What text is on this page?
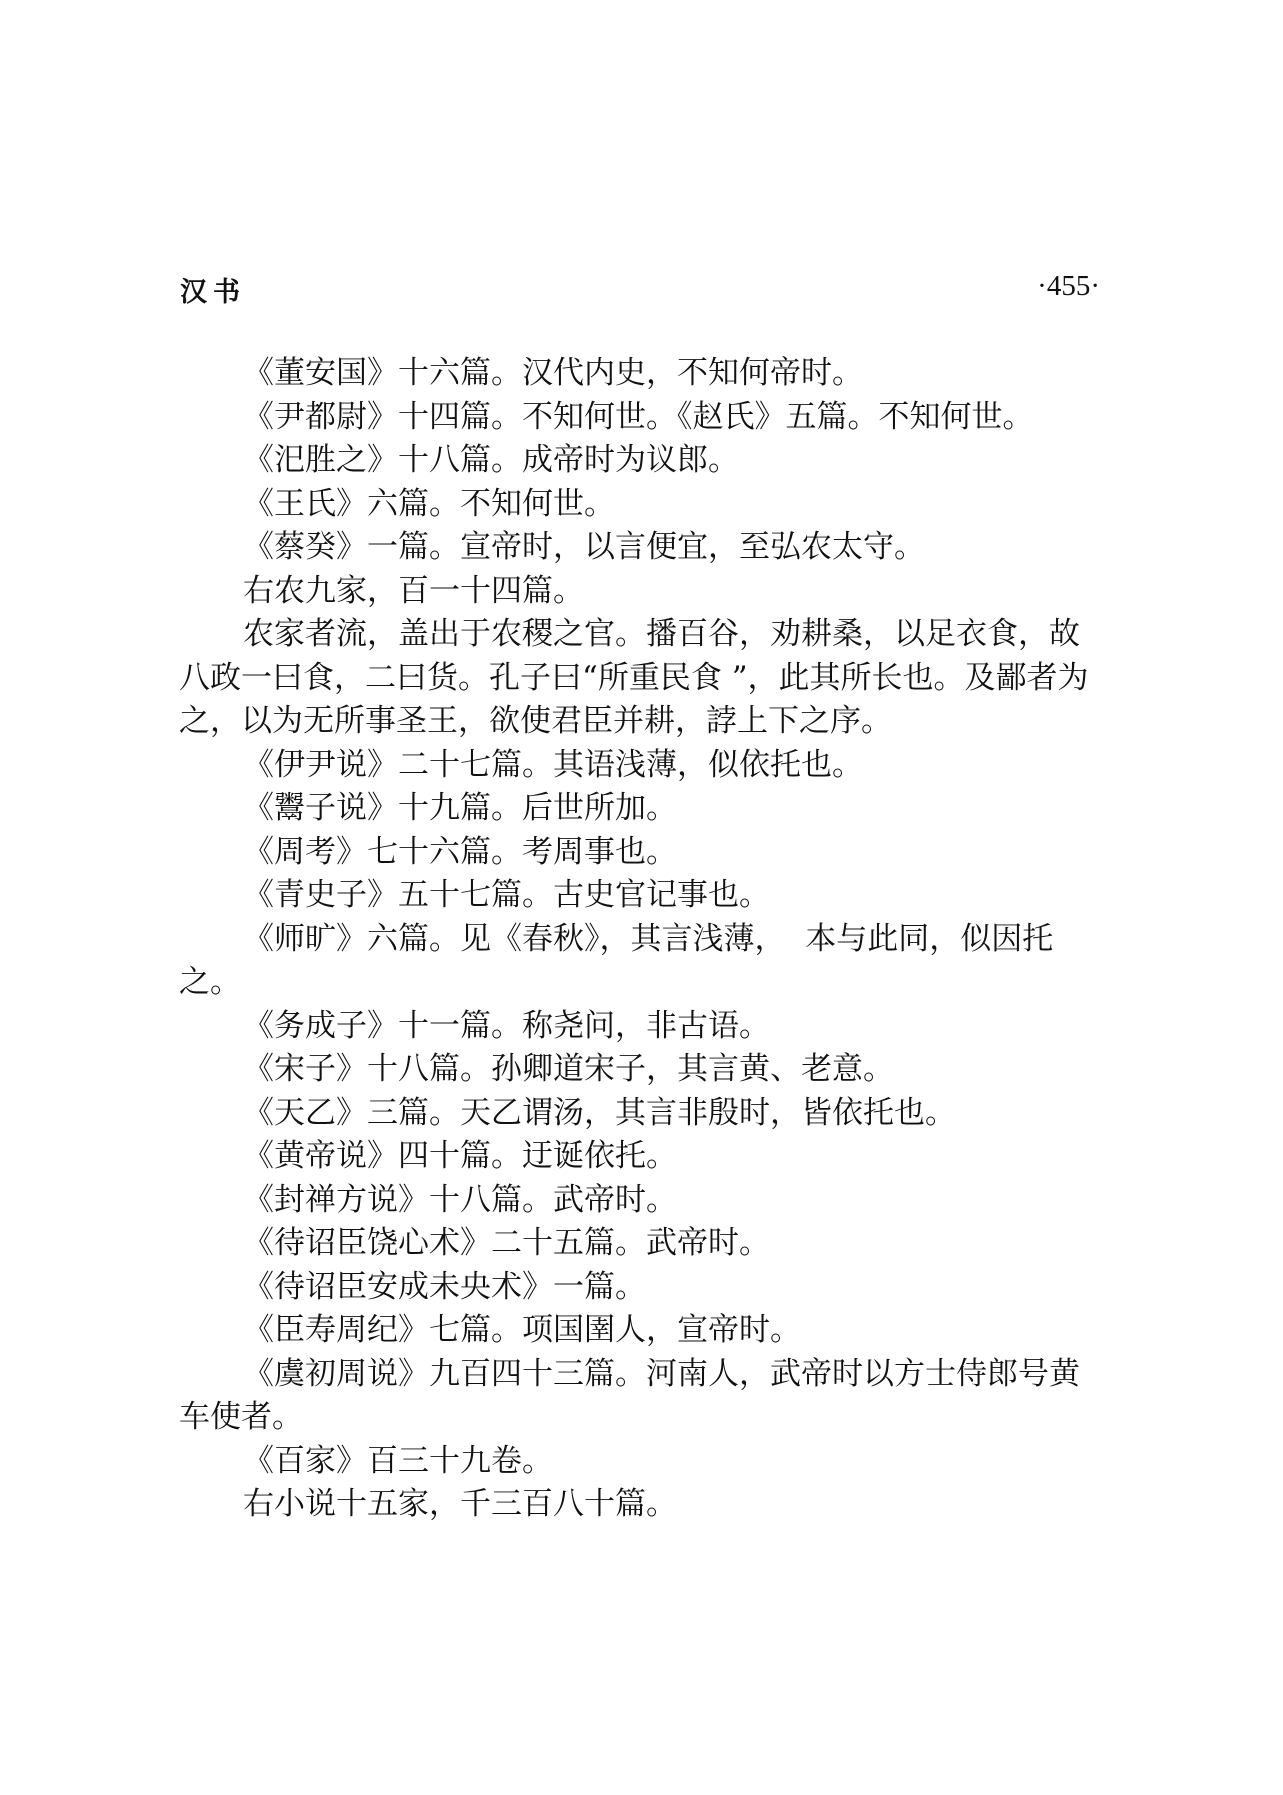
汉书	·455·

《董安国》十六篇。汉代内史，不知何帝时。

《尹都尉》十四篇。不知何世。《赵氏》五篇。不知何世。

《汜胜之》十八篇。成帝时为议郎。

《王氏》六篇。不知何世。

《蔡癸》一篇。宣帝时，以言便宜，至弘农太守。

右农九家，百一十四篇。

农家者流，盖出于农稷之官。播百谷，劝耕桑，以足衣食，故八政一曰食，二曰货。孔子曰“所重民食 ”，此其所长也。及鄙者为之，以为无所事圣王，欲使君臣并耕，誖上下之序。

《伊尹说》二十七篇。其语浅薄，似依托也。

《鬻子说》十九篇。后世所加。

《周考》七十六篇。考周事也。

《青史子》五十七篇。古史官记事也。

《师旷》六篇。见《春秋》，其言浅薄，  本与此同，似因托之。

《务成子》十一篇。称尧问，非古语。

《宋子》十八篇。孙卿道宋子，其言黄、老意。

《天乙》三篇。天乙谓汤，其言非殷时，皆依托也。

《黄帝说》四十篇。迂诞依托。

《封禅方说》十八篇。武帝时。

《待诏臣饶心术》二十五篇。武帝时。

《待诏臣安成未央术》一篇。

《臣寿周纪》七篇。项国圉人，宣帝时。

《虞初周说》九百四十三篇。河南人，武帝时以方士侍郎号黄车使者。

《百家》百三十九卷。

右小说十五家，千三百八十篇。
